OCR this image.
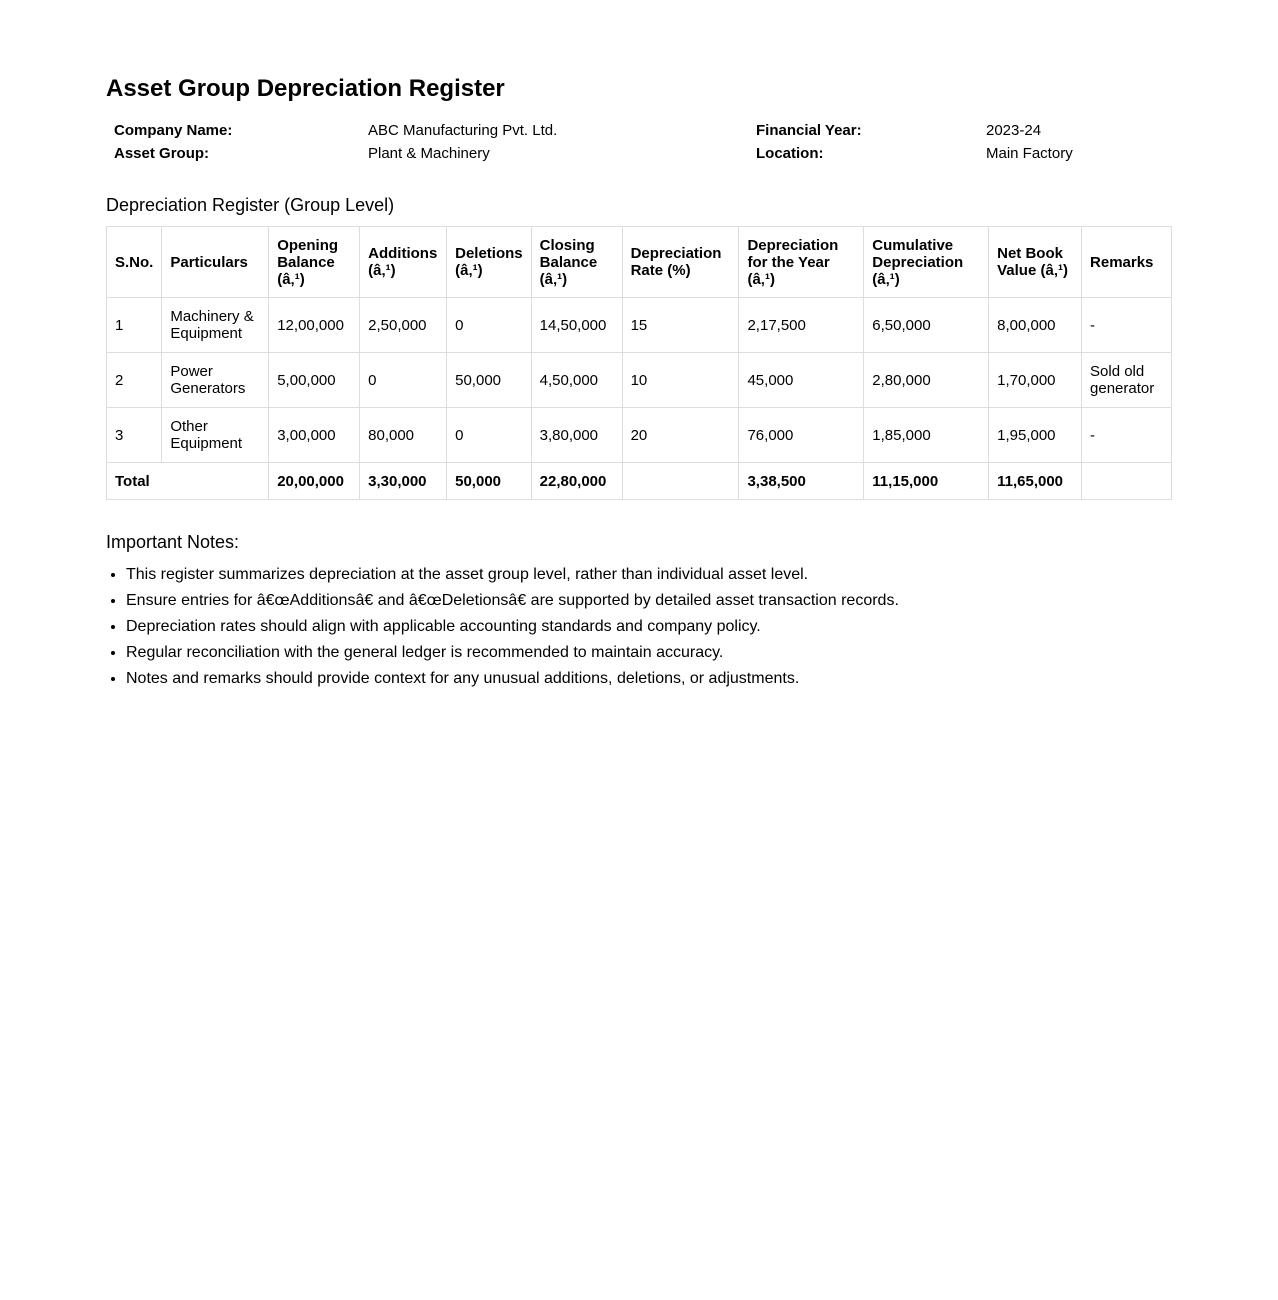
Asset Group Depreciation Register
Company Name:	ABC Manufacturing Pvt. Ltd.	Financial Year:	2023-24
Asset Group:	Plant & Machinery	Location:	Main Factory
Depreciation Register (Group Level)
S.No.	Particulars	Opening Balance (â‚¹)	Additions (â‚¹)	Deletions (â‚¹)	Closing Balance (â‚¹)	Depreciation Rate (%)	Depreciation for the Year (â‚¹)	Cumulative Depreciation (â‚¹)	Net Book Value (â‚¹)	Remarks
1	Machinery & Equipment	12,00,000	2,50,000	0	14,50,000	15	2,17,500	6,50,000	8,00,000	-
2	Power Generators	5,00,000	0	50,000	4,50,000	10	45,000	2,80,000	1,70,000	Sold old generator
3	Other Equipment	3,00,000	80,000	0	3,80,000	20	76,000	1,85,000	1,95,000	-
Total		20,00,000	3,30,000	50,000	22,80,000		3,38,500	11,15,000	11,65,000	
Important Notes:
• This register summarizes depreciation at the asset group level, rather than individual asset level.
• Ensure entries for â€œAdditionsâ€ and â€œDeletionsâ€ are supported by detailed asset transaction records.
• Depreciation rates should align with applicable accounting standards and company policy.
• Regular reconciliation with the general ledger is recommended to maintain accuracy.
• Notes and remarks should provide context for any unusual additions, deletions, or adjustments.
